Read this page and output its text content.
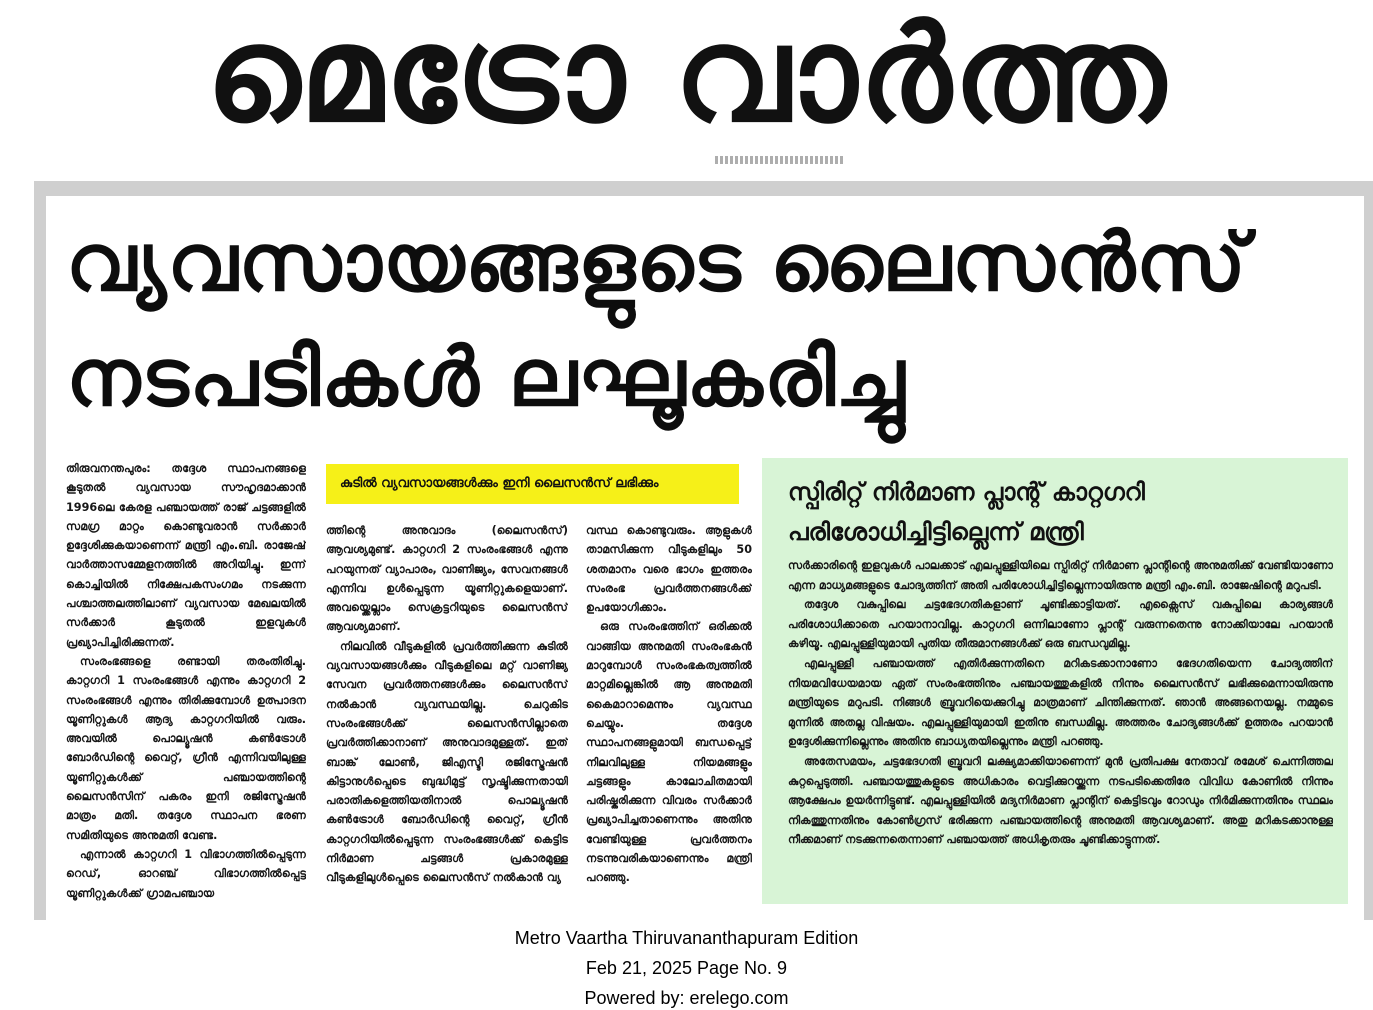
മെട്രോ വാർത്ത
വ്യവസായങ്ങളുടെ ലൈസൻസ്
നടപടികൾ ലഘൂകരിച്ചു

തിരുവനന്തപുരം: തദ്ദേശ സ്ഥാപനങ്ങളെ കൂടുതൽ വ്യവസായ സൗഹൃദമാക്കാൻ 1996ലെ കേരള പഞ്ചായത്ത് രാജ് ചട്ടങ്ങളിൽ സമഗ്ര മാറ്റം കൊണ്ടുവരാൻ സർക്കാർ ഉദ്ദേശിക്കുകയാണെന്ന് മന്ത്രി എം.ബി. രാജേഷ് വാർത്താസമ്മേളനത്തിൽ അറിയിച്ചു. ഇന്ന് കൊച്ചിയിൽ നിക്ഷേപകസംഗമം നടക്കുന്ന പശ്ചാത്തലത്തിലാണ് വ്യവസായ മേഖലയിൽ സർക്കാർ കൂടുതൽ ഇളവുകൾ പ്രഖ്യാപിച്ചിരിക്കുന്നത്.

സംരംഭങ്ങളെ രണ്ടായി തരംതിരിച്ചു. കാറ്റഗറി 1 സംരംഭങ്ങൾ എന്നും കാറ്റഗറി 2 സംരംഭങ്ങൾ എന്നും തിരിക്കുമ്പോൾ ഉത്പാദന യൂണിറ്റുകൾ ആദ്യ കാറ്റഗറിയിൽ വരും. അവയിൽ പൊല്യൂഷൻ കൺട്രോൾ ബോർഡിന്റെ വൈറ്റ്, ഗ്രീൻ എന്നിവയിലുള്ള യൂണിറ്റുകൾക്ക് പഞ്ചായത്തിന്റെ ലൈസൻസിന് പകരം ഇനി രജിസ്ട്രേഷൻ മാത്രം മതി. തദ്ദേശ സ്ഥാപന ഭരണ സമിതിയുടെ അനുമതി വേണ്ട.

എന്നാൽ കാറ്റഗറി 1 വിഭാഗത്തിൽപ്പെടുന്ന റെഡ്, ഓറഞ്ച് വിഭാഗത്തിൽപ്പെട്ട യൂണിറ്റുകൾക്ക് ഗ്രാമപഞ്ചായ

കുടിൽ വ്യവസായങ്ങൾക്കും ഇനി ലൈസൻസ് ലഭിക്കും

ത്തിന്റെ അനുവാദം (ലൈസൻസ്) ആവശ്യമുണ്ട്. കാറ്റഗറി 2 സംരംഭങ്ങൾ എന്നു പറയുന്നത് വ്യാപാരം, വാണിജ്യം, സേവനങ്ങൾ എന്നിവ ഉൾപ്പെടുന്ന യൂണിറ്റുകളെയാണ്. അവയ്ക്കെല്ലാം സെക്രട്ടറിയുടെ ലൈസൻസ് ആവശ്യമാണ്.

നിലവിൽ വീടുകളിൽ പ്രവർത്തിക്കുന്ന കുടിൽ വ്യവസായങ്ങൾക്കും വീടുകളിലെ മറ്റ് വാണിജ്യ സേവന പ്രവർത്തനങ്ങൾക്കും ലൈസൻസ് നൽകാൻ വ്യവസ്ഥയില്ല. ചെറുകിട സംരംഭങ്ങൾക്ക് ലൈസൻസില്ലാതെ പ്രവർത്തിക്കാനാണ് അനുവാദമുള്ളത്. ഇത് ബാങ്ക് ലോൺ, ജിഎസ്ടി രജിസ്ട്രേഷൻ കിട്ടാനുൾപ്പെടെ ബുദ്ധിമുട്ട് സൃഷ്ടിക്കുന്നതായി പരാതികളെത്തിയതിനാൽ പൊല്യൂഷൻ കൺട്രോൾ ബോർഡിന്റെ വൈറ്റ്, ഗ്രീൻ കാറ്റഗറിയിൽപ്പെടുന്ന സംരംഭങ്ങൾക്ക് കെട്ടിട നിർമാണ ചട്ടങ്ങൾ പ്രകാരമുള്ള വീടുകളിലുൾപ്പെടെ ലൈസൻസ് നൽകാൻ വ്യ

വസ്ഥ കൊണ്ടുവരും. ആളുകൾ താമസിക്കുന്ന വീടുകളിലും 50 ശതമാനം വരെ ഭാഗം ഇത്തരം സംരംഭ പ്രവർത്തനങ്ങൾക്ക് ഉപയോഗിക്കാം.

ഒരു സംരംഭത്തിന് ഒരിക്കൽ വാങ്ങിയ അനുമതി സംരംഭകൻ മാറുമ്പോൾ സംരംഭകത്വത്തിൽ മാറ്റമില്ലെങ്കിൽ ആ അനുമതി കൈമാറാമെന്നും വ്യവസ്ഥ ചെയ്യും. തദ്ദേശ സ്ഥാപനങ്ങളുമായി ബന്ധപ്പെട്ട് നിലവിലുള്ള നിയമങ്ങളും ചട്ടങ്ങളും കാലോചിതമായി പരിഷ്കരിക്കുന്ന വിവരം സർക്കാർ പ്രഖ്യാപിച്ചതാണെന്നും അതിനു വേണ്ടിയുള്ള പ്രവർത്തനം നടന്നുവരികയാണെന്നും മന്ത്രി പറഞ്ഞു.

സ്പിരിറ്റ് നിർമാണ പ്ലാന്റ് കാറ്റഗറി പരിശോധിച്ചിട്ടില്ലെന്ന് മന്ത്രി

സർക്കാരിന്റെ ഇളവുകൾ പാലക്കാട് എലപ്പുള്ളിയിലെ സ്പിരിറ്റ് നിർമാണ പ്ലാന്റിന്റെ അനുമതിക്ക് വേണ്ടിയാണോ എന്ന മാധ്യമങ്ങളുടെ ചോദ്യത്തിന് അതി പരിശോധിച്ചിട്ടില്ലെന്നായിരുന്നു മന്ത്രി എം.ബി. രാജേഷിന്റെ മറുപടി.

തദ്ദേശ വകുപ്പിലെ ചട്ടഭേദഗതികളാണ് ചൂണ്ടിക്കാട്ടിയത്. എക്സൈസ് വകുപ്പിലെ കാര്യങ്ങൾ പരിശോധിക്കാതെ പറയാനാവില്ല. കാറ്റഗറി ഒന്നിലാണോ പ്ലാന്റ് വരുന്നതെന്നു നോക്കിയാലേ പറയാൻ കഴിയൂ. എലപ്പുള്ളിയുമായി പുതിയ തീരുമാനങ്ങൾക്ക് ഒരു ബന്ധവുമില്ല.

എലപ്പുള്ളി പഞ്ചായത്ത് എതിർക്കുന്നതിനെ മറികടക്കാനാണോ ഭേദഗതിയെന്ന ചോദ്യത്തിന് നിയമവിധേയമായ ഏത് സംരംഭത്തിനും പഞ്ചായത്തുകളിൽ നിന്നും ലൈസൻസ് ലഭിക്കുമെന്നായിരുന്നു മന്ത്രിയുടെ മറുപടി. നിങ്ങൾ ബ്രൂവറിയെക്കുറിച്ചു മാത്രമാണ് ചിന്തിക്കുന്നത്. ഞാൻ അങ്ങനെയല്ല. നമ്മുടെ മുന്നിൽ അതല്ല വിഷയം. എലപ്പുള്ളിയുമായി ഇതിനു ബന്ധമില്ല. അത്തരം ചോദ്യങ്ങൾക്ക് ഉത്തരം പറയാൻ ഉദ്ദേശിക്കുന്നില്ലെന്നും അതിനു ബാധ്യതയില്ലെന്നും മന്ത്രി പറഞ്ഞു.

അതേസമയം, ചട്ടഭേദഗതി ബ്രൂവറി ലക്ഷ്യമാക്കിയാണെന്ന് മുൻ പ്രതിപക്ഷ നേതാവ് രമേശ് ചെന്നിത്തല കുറ്റപ്പെടുത്തി. പഞ്ചായത്തുകളുടെ അധികാരം വെട്ടിക്കുറയ്ക്കുന്ന നടപടിക്കെതിരേ വിവിധ കോണിൽ നിന്നും ആക്ഷേപം ഉയർന്നിട്ടുണ്ട്. എലപ്പുള്ളിയിൽ മദ്യനിർമാണ പ്ലാന്റിന് കെട്ടിടവും റോഡും നിർമിക്കുന്നതിനും സ്ഥലം നികത്തുന്നതിനും കോൺഗ്രസ് ഭരിക്കുന്ന പഞ്ചായത്തിന്റെ അനുമതി ആവശ്യമാണ്. അതു മറികടക്കാനുള്ള നീക്കമാണ് നടക്കുന്നതെന്നാണ് പഞ്ചായത്ത് അധികൃതരും ചൂണ്ടിക്കാട്ടുന്നത്.

Metro Vaartha Thiruvananthapuram Edition
Feb 21, 2025 Page No. 9
Powered by: erelego.com
